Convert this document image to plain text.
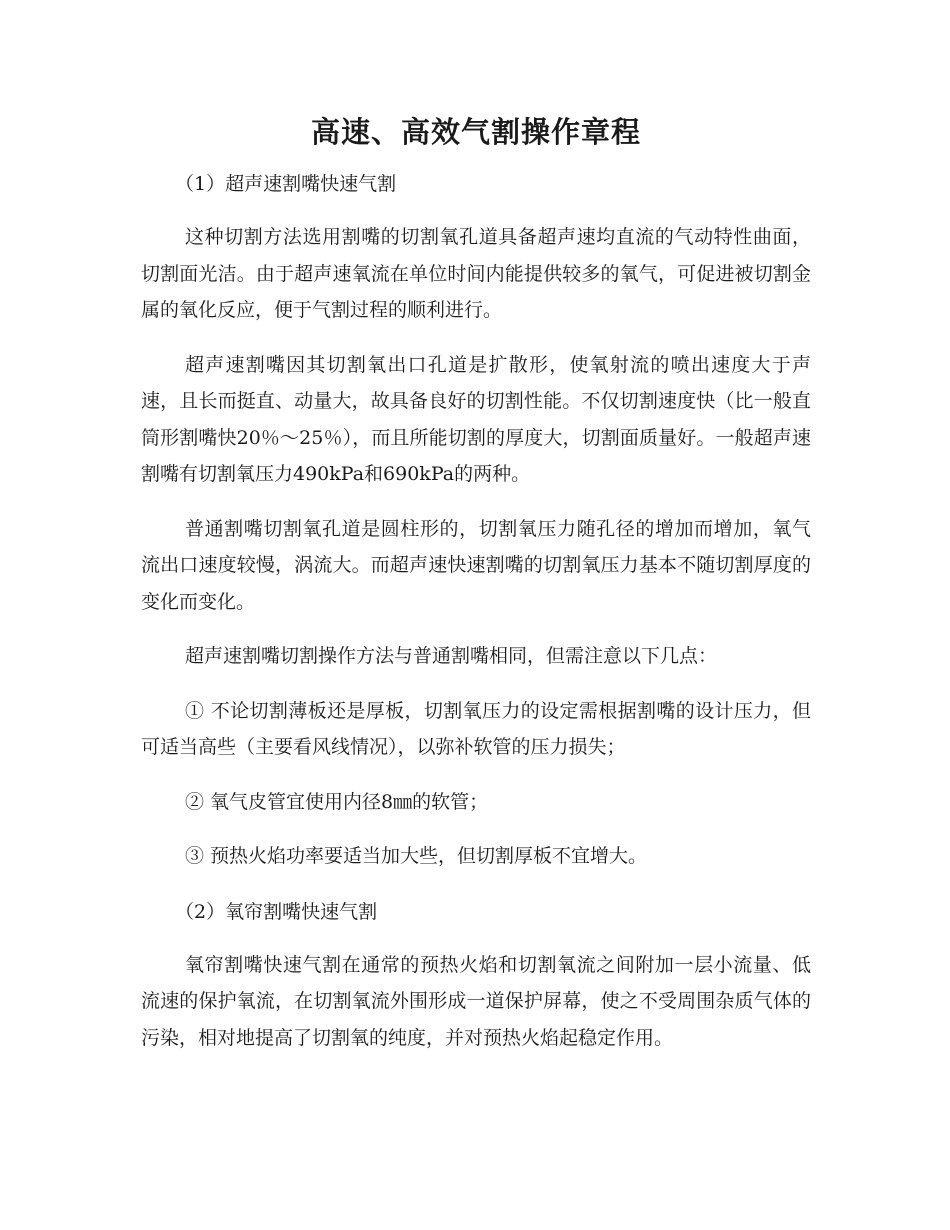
高速、高效气割操作章程
（1）超声速割嘴快速气割

这种切割方法选用割嘴的切割氧孔道具备超声速均直流的气动特性曲面，切割面光洁。由于超声速氧流在单位时间内能提供较多的氧气，可促进被切割金属的氧化反应，便于气割过程的顺利进行。

超声速割嘴因其切割氧出口孔道是扩散形，使氧射流的喷出速度大于声速，且长而挺直、动量大，故具备良好的切割性能。不仅切割速度快（比一般直筒形割嘴快20％～25％），而且所能切割的厚度大，切割面质量好。一般超声速割嘴有切割氧压力490kPa和690kPa的两种。

普通割嘴切割氧孔道是圆柱形的，切割氧压力随孔径的增加而增加，氧气流出口速度较慢，涡流大。而超声速快速割嘴的切割氧压力基本不随切割厚度的变化而变化。

超声速割嘴切割操作方法与普通割嘴相同，但需注意以下几点：

① 不论切割薄板还是厚板，切割氧压力的设定需根据割嘴的设计压力，但可适当高些（主要看风线情况），以弥补软管的压力损失；

② 氧气皮管宜使用内径8㎜的软管；

③ 预热火焰功率要适当加大些，但切割厚板不宜增大。

（2）氧帘割嘴快速气割

氧帘割嘴快速气割在通常的预热火焰和切割氧流之间附加一层小流量、低流速的保护氧流，在切割氧流外围形成一道保护屏幕，使之不受周围杂质气体的污染，相对地提高了切割氧的纯度，并对预热火焰起稳定作用。
